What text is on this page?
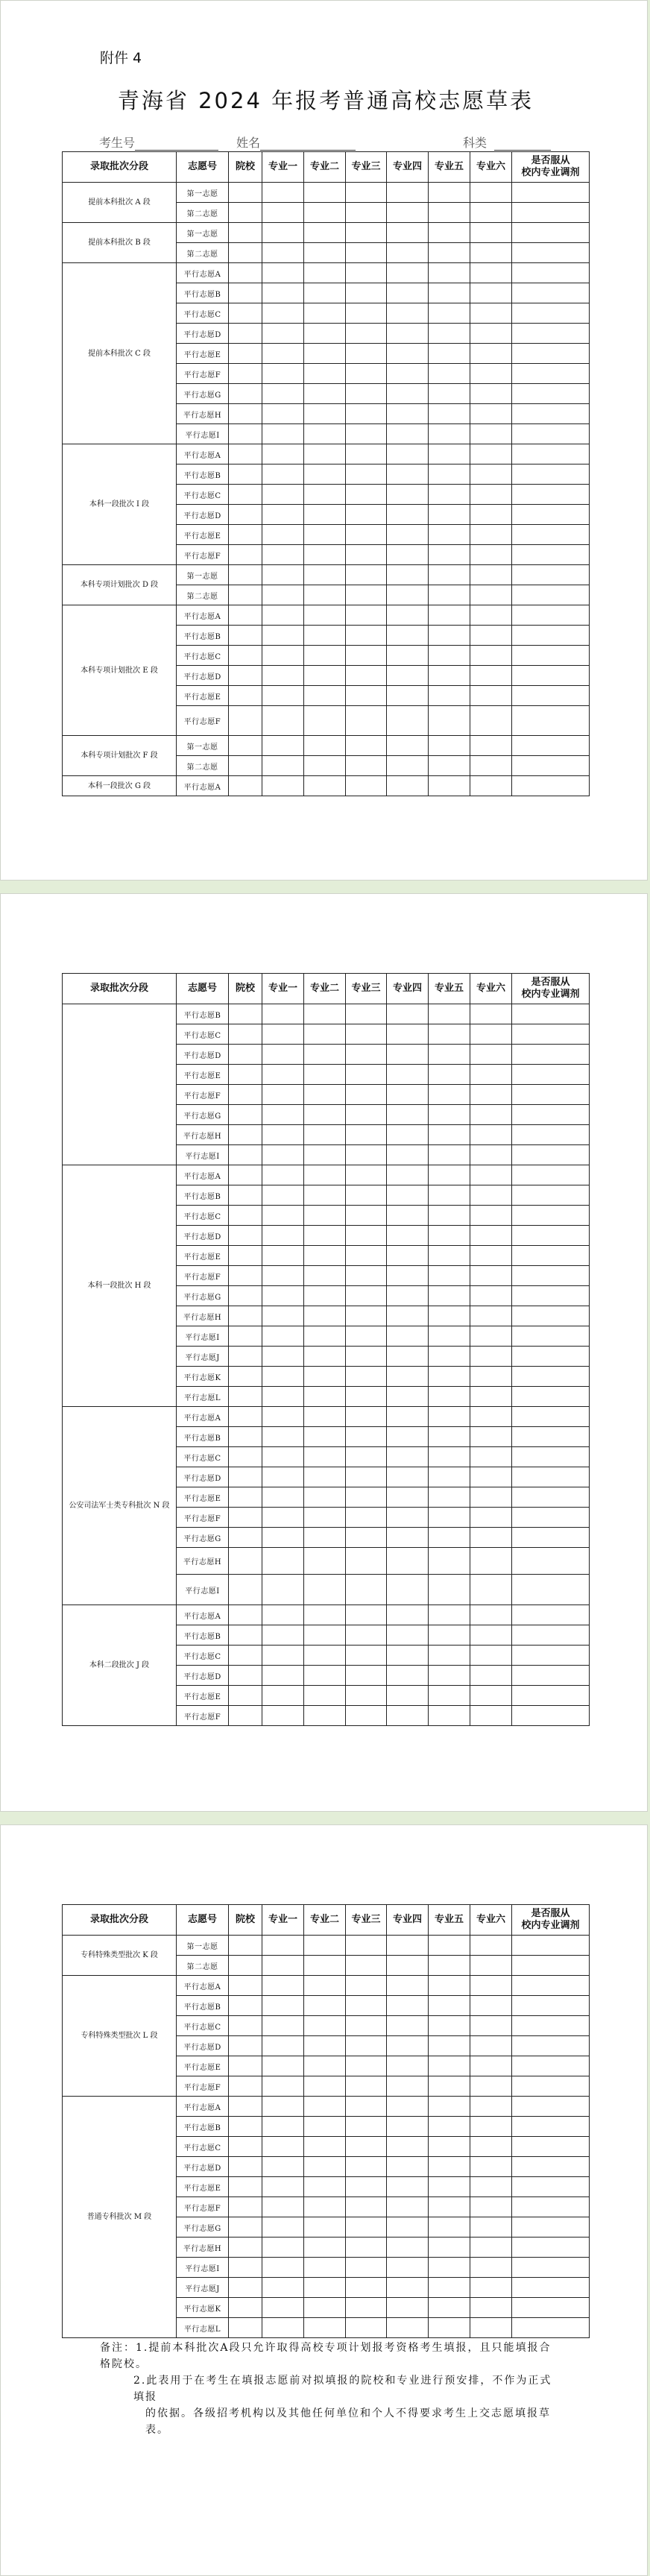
附件 4
青海省 2024 年报考普通高校志愿草表
考生号	姓名	科类
录取批次分段	志愿号	院校	专业一	专业二	专业三	专业四	专业五	专业六	是否服从
校内专业调剂
提前本科批次 A 段	第一志愿								
	第二志愿								
提前本科批次 B 段	第一志愿								
	第二志愿								
提前本科批次 C 段	平行志愿A								
	平行志愿B								
	平行志愿C								
	平行志愿D								
	平行志愿E								
	平行志愿F								
	平行志愿G								
	平行志愿H								
	平行志愿I								
本科一段批次 I 段	平行志愿A								
	平行志愿B								
	平行志愿C								
	平行志愿D								
	平行志愿E								
	平行志愿F								
本科专项计划批次 D 段	第一志愿								
	第二志愿								
本科专项计划批次 E 段	平行志愿A								
	平行志愿B								
	平行志愿C								
	平行志愿D								
	平行志愿E								
	平行志愿F								
本科专项计划批次 F 段	第一志愿								
	第二志愿								
本科一段批次 G 段	平行志愿A								
录取批次分段	志愿号	院校	专业一	专业二	专业三	专业四	专业五	专业六	是否服从
校内专业调剂
	平行志愿B								
	平行志愿C								
	平行志愿D								
	平行志愿E								
	平行志愿F								
	平行志愿G								
	平行志愿H								
	平行志愿I								
本科一段批次 H 段	平行志愿A								
	平行志愿B								
	平行志愿C								
	平行志愿D								
	平行志愿E								
	平行志愿F								
	平行志愿G								
	平行志愿H								
	平行志愿I								
	平行志愿J								
	平行志愿K								
	平行志愿L								
公安司法军士类专科批次 N 段	平行志愿A								
	平行志愿B								
	平行志愿C								
	平行志愿D								
	平行志愿E								
	平行志愿F								
	平行志愿G								
	平行志愿H								
	平行志愿I								
本科二段批次 J 段	平行志愿A								
	平行志愿B								
	平行志愿C								
	平行志愿D								
	平行志愿E								
	平行志愿F								
录取批次分段	志愿号	院校	专业一	专业二	专业三	专业四	专业五	专业六	是否服从
校内专业调剂
专科特殊类型批次 K 段	第一志愿								
	第二志愿								
专科特殊类型批次 L 段	平行志愿A								
	平行志愿B								
	平行志愿C								
	平行志愿D								
	平行志愿E								
	平行志愿F								
普通专科批次 M 段	平行志愿A								
	平行志愿B								
	平行志愿C								
	平行志愿D								
	平行志愿E								
	平行志愿F								
	平行志愿G								
	平行志愿H								
	平行志愿I								
	平行志愿J								
	平行志愿K								
	平行志愿L								

备注：1.提前本科批次A段只允许取得高校专项计划报考资格考生填报，且只能填报合格院校。

2.此表用于在考生在填报志愿前对拟填报的院校和专业进行预安排，不作为正式填报

的依据。各级招考机构以及其他任何单位和个人不得要求考生上交志愿填报草表。
